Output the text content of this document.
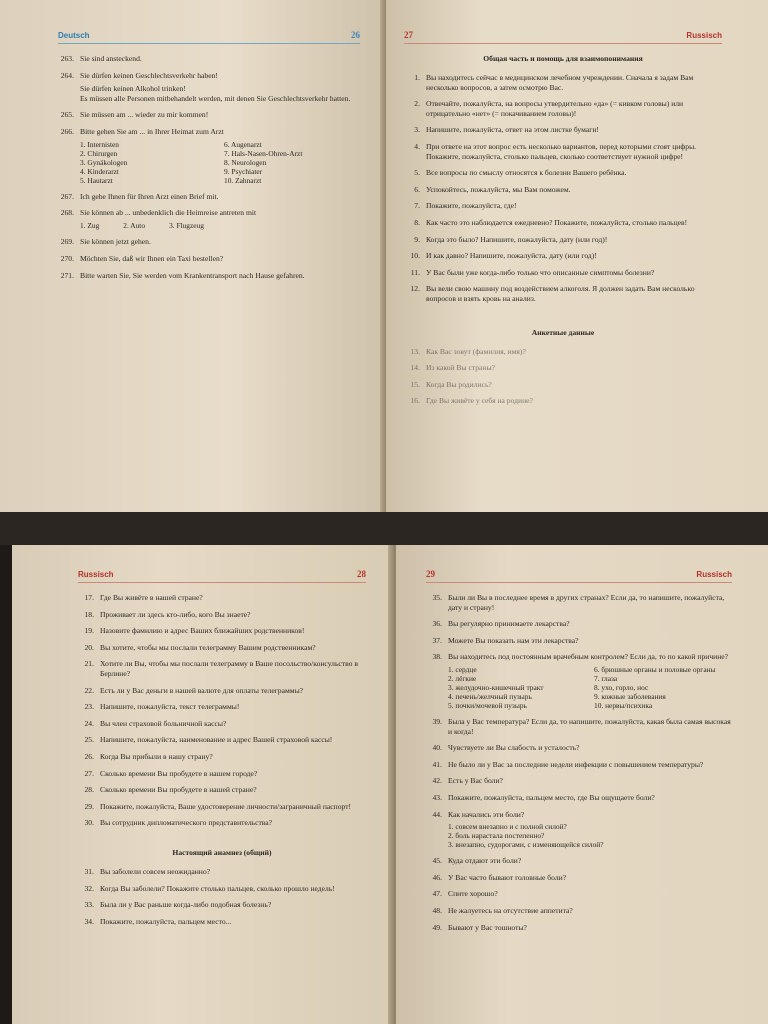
Deutsch	26
263. Sie sind ansteckend.
264. Sie dürfen keinen Geschlechtsverkehr haben!
Sie dürfen keinen Alkohol trinken!
Es müssen alle Personen mitbehandelt werden, mit denen Sie Geschlechtsverkehr hatten.
265. Sie müssen am ... wieder zu mir kommen!
266. Bitte gehen Sie am ... in Ihrer Heimat zum Arzt
1. Internisten	6. Augenarzt
2. Chirurgen	7. Hals-Nasen-Ohren-Arzt
3. Gynäkologen	8. Neurologen
4. Kinderarzt	9. Psychiater
5. Hautarzt	10. Zahnarzt
267. Ich gebe Ihnen für Ihren Arzt einen Brief mit.
268. Sie können ab ... unbedenklich die Heimreise antreten mit
1. Zug	2. Auto	3. Flugzeug
269. Sie können jetzt gehen.
270. Möchten Sie, daß wir Ihnen ein Taxi bestellen?
271. Bitte warten Sie, Sie werden vom Krankentransport nach Hause gefahren.
27	Russisch
Общая часть и помощь для взаимопонимания
1. Вы находитесь сейчас в медицинском лечебном учреждении. Сначала я задам Вам несколько вопросов, а затем осмотрю Вас.
2. Отвечайте, пожалуйста, на вопросы утвердительно «да» (= кивком головы) или отрицательно «нет» (= покачиванием головы)!
3. Напишите, пожалуйста, ответ на этом листке бумаги!
4. При ответе на этот вопрос есть несколько вариантов, перед которыми стоят цифры. Покажите, пожалуйста, столько пальцев, сколько соответствует нужной цифре!
5. Все вопросы по смыслу относятся к болезни Вашего ребёнка.
6. Успокойтесь, пожалуйста, мы Вам поможем.
7. Покажите, пожалуйста, где!
8. Как часто это наблюдается ежедневно? Покажите, пожалуйста, столько пальцев!
9. Когда это было? Напишите, пожалуйста, дату (или год)!
10. И как давно? Напишите, пожалуйста, дату (или год)!
11. У Вас были уже когда-либо только что описанные симптомы болезни?
12. Вы вели свою машину под воздействием алкоголя. Я должен задать Вам несколько вопросов и взять кровь на анализ.
Анкетные данные
13. Как Вас зовут (фамилия, имя)?
14. Из какой Вы страны?
15. Когда Вы родились?
16. Где Вы живёте у себя на родине?
Russisch	28
17. Где Вы живёте в нашей стране?
18. Проживает ли здесь кто-либо, кого Вы знаете?
19. Назовите фамилию и адрес Ваших ближайших родственников!
20. Вы хотите, чтобы мы послали телеграмму Вашим родственникам?
21. Хотите ли Вы, чтобы мы послали телеграмму в Ваше посольство/консульство в Берлине?
22. Есть ли у Вас деньги в нашей валюте для оплаты телеграммы?
23. Напишите, пожалуйста, текст телеграммы!
24. Вы член страховой больничной кассы?
25. Напишите, пожалуйста, наименование и адрес Вашей страховой кассы!
26. Когда Вы прибыли в нашу страну?
27. Сколько времени Вы пробудете в нашем городе?
28. Сколько времени Вы пробудете в нашей стране?
29. Покажите, пожалуйста, Ваше удостоверение личности/заграничный паспорт!
30. Вы сотрудник дипломатического представительства?
Настоящий анамнез (общий)
31. Вы заболели совсем неожиданно?
32. Когда Вы заболели? Покажите столько пальцев, сколько прошло недель!
33. Была ли у Вас раньше когда-либо подобная болезнь?
34. Покажите, пожалуйста, пальцем место...
29	Russisch
35. Были ли Вы в последнее время в других странах? Если да, то напишите, пожалуйста, дату и страну!
36. Вы регулярно принимаете лекарства?
37. Можете Вы показать нам эти лекарства?
38. Вы находитесь под постоянным врачебным контролем? Если да, то по какой причине?
1. сердце	6. брюшные органы и половые органы
2. лёгкие	7. глаза
3. желудочно-кишечный тракт	8. ухо, горло, нос
4. печень/желчный пузырь	9. кожные заболевания
5. почки/мочевой пузырь	10. нервы/психика
39. Была у Вас температура? Если да, то напишите, пожалуйста, какая была самая высокая и когда!
40. Чувствуете ли Вы слабость и усталость?
41. Не было ли у Вас за последние недели инфекции с повышением температуры?
42. Есть у Вас боли?
43. Покажите, пожалуйста, пальцем место, где Вы ощущаете боли?
44. Как начались эти боли?
1. совсем внезапно и с полной силой?
2. боль нарастала постепенно?
3. внезапно, судорогами, с изменяющейся силой?
45. Куда отдают эти боли?
46. У Вас часто бывают головные боли?
47. Спите хорошо?
48. Не жалуетесь на отсутствие аппетита?
49. Бывают у Вас тошноты?
